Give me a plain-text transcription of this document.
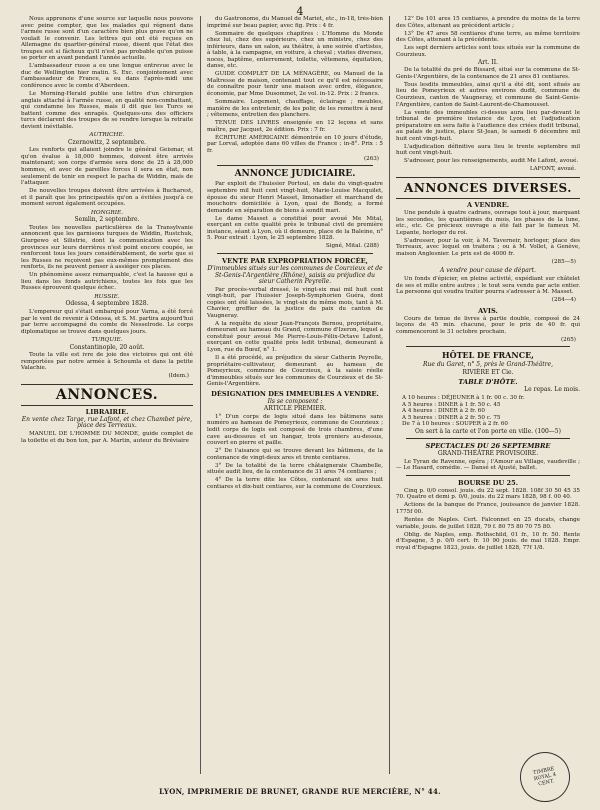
4

Nous apprenons d'une source sur laquelle nous pouvons avec peine compter, que les malades qui régnent dans l'armée russe sont d'un caractère bien plus grave qu'on ne voulait le convenir. Les lettres qui ont été reçues en Allemagne du quartier-général russe, disent que l'état des troupes est si fâcheux qu'il n'est pas probable qu'on puisse se porter en avant pendant l'année actuelle.

L'ambassadeur russe a eu une longue entrevue avec le duc de Wellington hier matin. S. Exc. conjointement avec l'ambassadeur de France, a eu dans l'après-midi une conférence avec le comte d'Aberdeen.

Le Morning-Herald publie une lettre d'un chirurgien anglais attaché à l'armée russe, en qualité non-combattant, qui condamne les Russes, mais il dit que les Turcs se battent comme des enragés. Quelques-uns des officiers turcs déclarent des troupes de se rendre lorsque la retraite devient inévitable.

AUTRICHE.
Czernowitz, 2 septembre.

Les renforts qui allaient joindre le général Geismar, et qu'on évalue à 18,000 hommes, doivent être arrivés maintenant; son corps d'armée sera donc de 25 à 28,000 hommes, et avec de pareilles forces il sera en état, non seulement de tenir en respect le pacha de Widdin, mais de l'attaquer.

De nouvelles troupes doivent être arrivées à Bucharest, et il paraît que les principautés qu'on a évitées jusqu'à ce moment seront également occupées.

HONGRIE.
Semlin, 2 septembre.

Toutes les nouvelles particulières de la Transylvanie annoncent que les garnisons turques de Widdin, Rustchuk, Giurgewo et Silistrie, dont la communication avec les provinces sur leurs derrières n'est point encore coupée, se renforcent tous les jours considérablement, de sorte que si les Russes ne reçoivent pas eux-mêmes promptement des renforts, ils ne peuvent penser à assiéger ces places.

Un phénomène assez remarquable, c'est la hausse qui a lieu dans les fonds autrichiens, toutes les fois que les Russes éprouvent quelque échec.

RUSSIE.
Odessa, 4 septembre 1828.

L'empereur qui s'était embarqué pour Varna, a été forcé par le vent de revenir à Odessa, et S. M. partira aujourd'hui par terre accompagné du comte de Nesselrode. Le corps diplomatique se trouve dans quelques jours.

TURQUIE.
Constantinople, 20 août.

Toute la ville est ivre de joie des victoires qui ont été remportées par notre armée à Schoumla et dans la petite Valachie.

(Idem.)
ANNONCES.
LIBRAIRIE.
En vente chez Targe, rue Lafont, et chez Chambet père, place des Terreaux.

MANUEL DE L'HOMME DU MONDE, guide complet de la toilette et du bon ton, par A. Martin, auteur du Bréviaire

du Gastronome, du Manuel de Mariet, etc., in-18, très-bien imprimé sur beau papier, avec fig. Prix : 4 fr.

Sommaire de quelques chapitres : L'Homme du Monde chez lui, chez des supérieurs, chez un ministre, chez des inférieurs, dans un salon, au théâtre, à une soirée d'artistes, à table, à la campagne, en voiture, à cheval ; visites diverses, noces, baptême, enterrement, toilette, vêtemens, équitation, danse, etc.

GUIDE COMPLET DE LA MÉNAGÈRE, ou Manuel de la Maîtresse de maison, contenant tout ce qu'il est nécessaire de connaître pour tenir une maison avec ordre, élégance, économie, par Mme Dusommet, 2e vol. in-12. Prix : 2 francs.

Sommaire. Logement, chauffage, éclairage ; meubles, manière de les entretenir, de les polir, de les remettre à neuf ; vêtemens, entretien des planchers.

TENUE DES LIVRES enseignée en 12 leçons et sans maître, par Jacquet, 2e édition. Prix : 7 fr.

ÉCRITURE AMÉRICAINE démontrée en 10 jours d'étude, par Lorval, adoptée dans 60 villes de France ; in-8°. Prix : 5 fr.

(263)
ANNONCE JUDICIAIRE.

Par exploit de l'huissier Portoul, en date du vingt-quatre septembre mil huit cent vingt-huit, Marie-Louise Macquilet, épouse du sieur Henri Masset, limonadier et marchand de mouchoirs domiciliée à Lyon, quai de Bondy, a formé demande en séparation de biens à sondit mari.

Le dame Masset a constitué pour avoué Me Mital, exerçant en cette qualité près le tribunal civil de première instance, séant à Lyon, où il demeure, place de la Baleine, n° 5. Pour extrait : Lyon, le 25 septembre 1828.

Signé, Mital. (288)
VENTE PAR EXPROPRIATION FORCÉE,
D'immeubles situés sur les communes de Courzieux et de St-Genis-l'Argentière (Rhône), saisis au préjudice du sieur Catherin Peyrelle.

Par procès-verbal dressé, le vingt-six mai mil huit cent vingt-huit, par l'huissier Joseph-Symphorien Guéra, dont copies ont été laissées, le vingt-six du même mois, tant à M. Chavier, greffier de la justice de paix du canton de Vaugneray.

A la requête du sieur Jean-François Bernou, propriétaire, demeurant au hameau du Grand, commune d'Izeron, lequel a constitué pour avoué Me Pierre-Louis-Félix-Octave Lafont, exerçant en cette qualité près ledit tribunal, demeurant à Lyon, rue du Bœuf, n° 1.

Il a été procédé, au préjudice du sieur Catherin Peyrelle, propriétaire-cultivateur, demeurant au hameau de Pomeyrieux, commune de Courzieux, à la saisie réelle d'immeubles situés sur les communes de Courzieux et de St-Genis-l'Argentière.

DÉSIGNATION DES IMMEUBLES A VENDRE.
Ils se composent :
ARTICLE PREMIER.

1° D'un corps de logis situé dans les bâtimens sans numéro au hameau de Pomeyrieux, commune de Courzieux ; ledit corps de logis est composé de trois chambres, d'une cave au-dessous et un hangar, trois greniers au-dessus, couvert en pierre et paille.

2° De l'aisance qui se trouve devant les bâtimens, de la contenance de vingt-deux ares et trente centiares.

3° De la totalité de la terre châtaigneraie Chambelle, située audit lieu, de la contenance de 31 ares 74 centiares ;

4° De la terre dite les Côtes, contenant six ares huit centiares et dix-huit centiares, sur la commune de Courzieux.

12° De 101 ares 15 centiares, à prendre du moins de la terre des Côtes, attenant au précédent article ;

13° De 47 ares 58 centiares d'une terre, au même territoire des Côtes, attenant à la précédente.

Les sept derniers articles sont tous situés sur la commune de Courzieux.

Art. II.

De la totalité du pré de Bissard, situé sur la commune de St-Genis-l'Argentière, de la contenance de 21 ares 81 centiares.

Tous lesdits immeubles, ainsi qu'il a été dit, sont situés au lieu de Pomeyrieux et autres environs dudit, commune de Courzieux, canton de Vaugneray, et commune de Saint-Genis-l'Argentière, canton de Saint-Laurent-de-Chamousset.

La vente des immeubles ci-dessus aura lieu par-devant le tribunal de première instance de Lyon, et l'adjudication préparatoire en sera faite à l'audience des criées dudit tribunal, au palais de justice, place St-Jean, le samedi 6 décembre mil huit cent vingt-huit.

L'adjudication définitive aura lieu le trente septembre mil huit cent vingt-huit.

S'adresser, pour les renseignements, audit Me Lafont, avoué.

LAFONT, avoué.
ANNONCES DIVERSES.
A VENDRE.

Une pendule à quatre cadrans, ouvrage tout à jour, marquant les secondes, les quantièmes du mois, les phases de la lune, etc., etc. Ce précieux ouvrage a été fait par le fameux M. Lepante, horloger du roi.

S'adresser, pour la voir, à M. Taverneir, horloger, place des Terreaux, avec lequel on traitera ; ou à M. Vollet, à Genève, maison Anglesnier. Le prix est de 4000 fr.

(285—5)
A vendre pour cause de départ.

Un fonds d'épicier, en pleine activité, expédiant sur châtelet de ses et mille entre autres ; le tout sera vendu par acte entier. La personne qui voudra traiter pourra s'adresser à M. Masset.

(284—4)
AVIS.

Cours de tenue de livres à partie double, composé de 24 leçons de 45 min. chacune, pour le prix de 40 fr. qui commenceront le 31 octobre prochain.

(265)
HÔTEL DE FRANCE,
Rue du Garet, n° 5, près le Grand-Théâtre,
RIVIÈRE ET Cie.
TABLE D'HÔTE.
Le repas. Le mois.
A 10 heures : DÉJEUNER à 1 fr. 00 c. 30 fr.
A 5 heures : DINER à 1 fr. 50 c. 45
A 4 heures : DINER à 2 fr. 60
A 5 heures : DINER à 2 fr. 50 c. 75
De 7 à 10 heures : SOUPER à 2 fr. 60
On sert à la carte et l'on porte en ville. (100—5)
SPECTACLES DU 26 SEPTEMBRE
GRAND-THÉÂTRE PROVISOIRE.

Le Tyran de Ravenne, opéra ; l'Amour au Village, vaudeville ; — Le Hasard, comédie. — Dansé et Ajusté, ballet.

BOURSE DU 25.

Cinq p. 0/0 consol. jouis. du 22 sept. 1828. 108f 30 50 45 35 70. Quatre et demi p. 0/0, jouis. du 22 mars 1828, 98 f. 00 40.

Actions de la banque de France, jouissance de janvier 1828. 1775f 00.

Rentes de Naples. Cert. Falconnet en 25 ducats, change variable, jouis. de juillet 1828, 79 f. 80 75 80 70 75 80.

Oblig. de Naples, emp. Rothschild, 01 fr., 10 fr. 50. Rente d'Espagne, 5 p. 0/0 cert. fr. 10 90 jouis. de mai 1828. Empr. royal d'Espagne 1823, jouis. de juillet 1828, 77f 1/8.

LYON, IMPRIMERIE DE BRUNET, GRANDE RUE MERCIÈRE, N° 44.
TIMBRE ROYAL 4 CENT.
